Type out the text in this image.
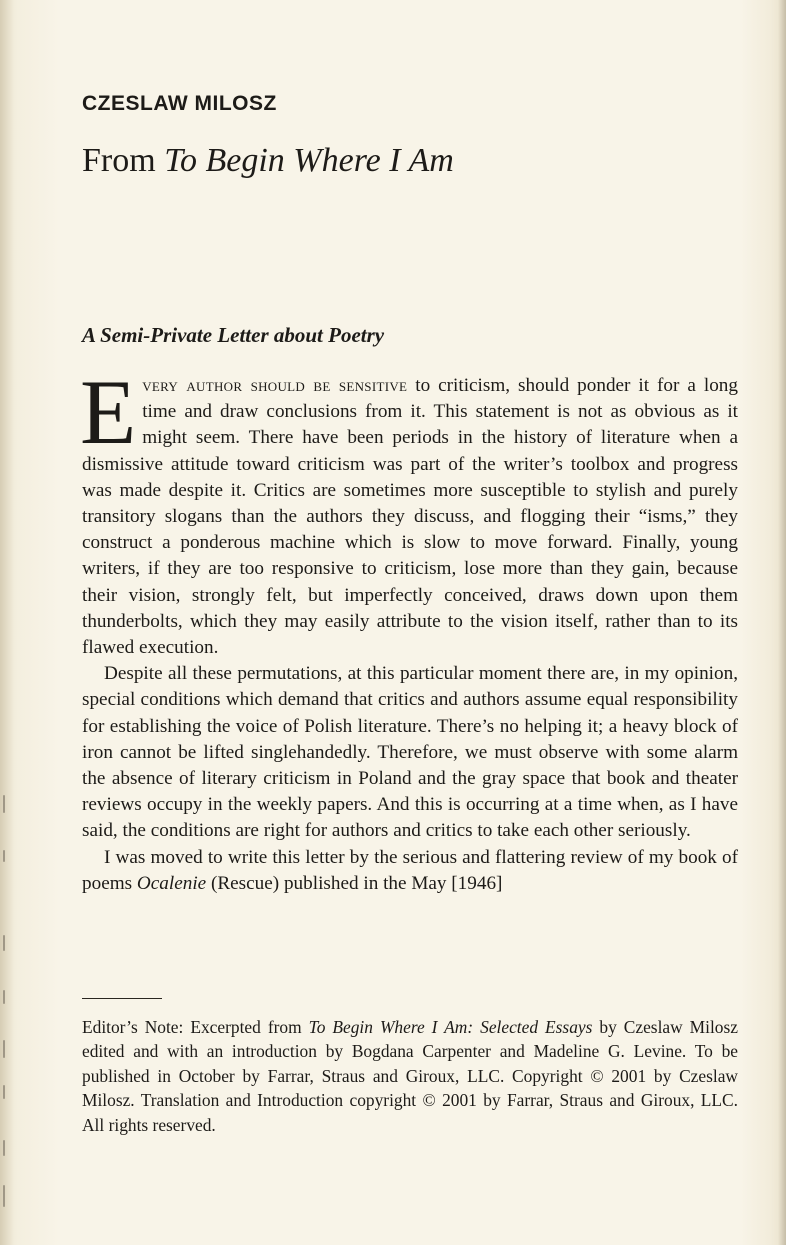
CZESLAW MILOSZ
From To Begin Where I Am
A Semi-Private Letter about Poetry

Every author should be sensitive to criticism, should ponder it for a long time and draw conclusions from it. This statement is not as obvious as it might seem. There have been periods in the history of literature when a dismissive attitude toward criticism was part of the writer’s toolbox and progress was made despite it. Critics are sometimes more susceptible to stylish and purely transitory slogans than the authors they discuss, and flogging their “isms,” they construct a ponderous machine which is slow to move forward. Finally, young writers, if they are too responsive to criticism, lose more than they gain, because their vision, strongly felt, but imperfectly conceived, draws down upon them thunderbolts, which they may easily attribute to the vision itself, rather than to its flawed execution.

Despite all these permutations, at this particular moment there are, in my opinion, special conditions which demand that critics and authors assume equal responsibility for establishing the voice of Polish literature. There’s no helping it; a heavy block of iron cannot be lifted singlehandedly. Therefore, we must observe with some alarm the absence of literary criticism in Poland and the gray space that book and theater reviews occupy in the weekly papers. And this is occurring at a time when, as I have said, the conditions are right for authors and critics to take each other seriously.

I was moved to write this letter by the serious and flattering review of my book of poems Ocalenie (Rescue) published in the May [1946]

Editor’s Note: Excerpted from To Begin Where I Am: Selected Essays by Czeslaw Milosz edited and with an introduction by Bogdana Carpenter and Madeline G. Levine. To be published in October by Farrar, Straus and Giroux, LLC. Copyright © 2001 by Czeslaw Milosz. Translation and Introduction copyright © 2001 by Farrar, Straus and Giroux, LLC. All rights reserved.
